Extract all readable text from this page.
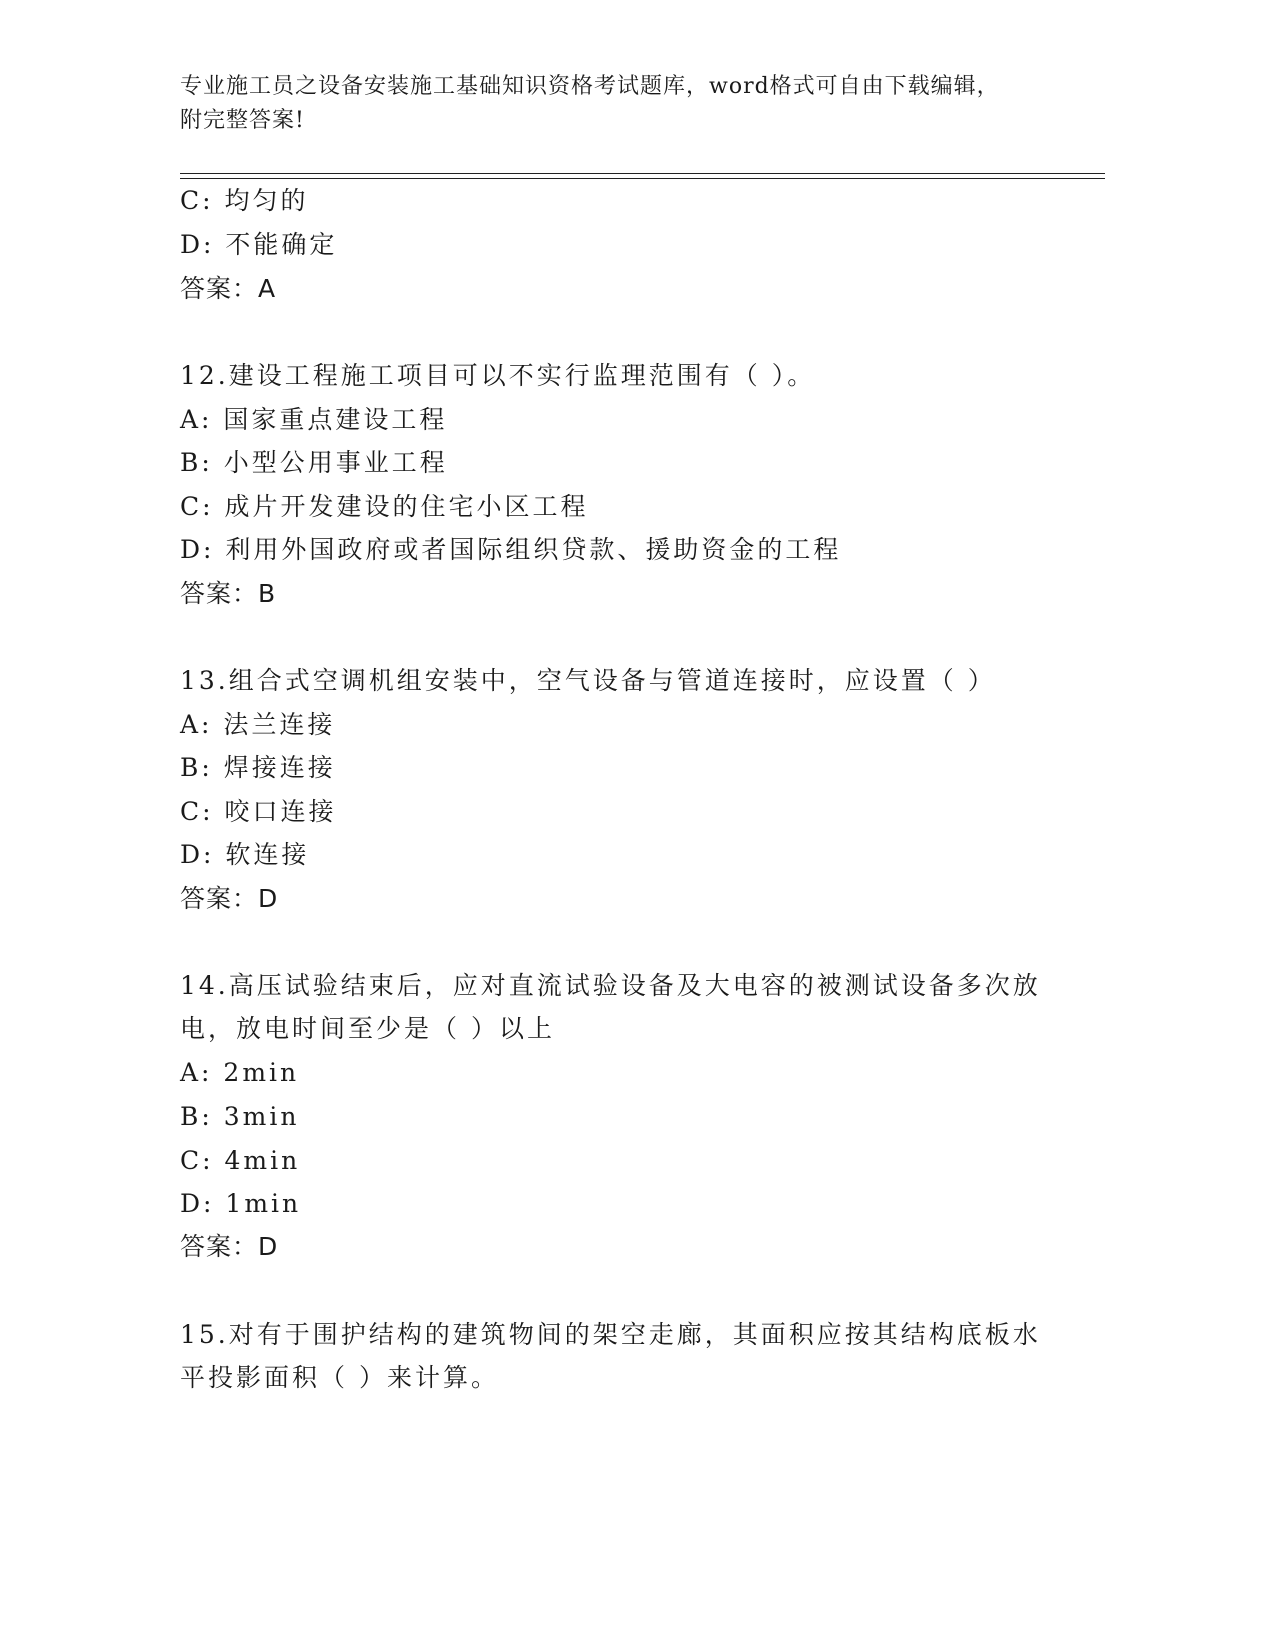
专业施工员之设备安装施工基础知识资格考试题库，word格式可自由下载编辑，
附完整答案!
C: 均匀的
D: 不能确定
答案：A
12.建设工程施工项目可以不实行监理范围有（ ）。
A: 国家重点建设工程
B: 小型公用事业工程
C: 成片开发建设的住宅小区工程
D: 利用外国政府或者国际组织贷款、援助资金的工程
答案：B
13.组合式空调机组安装中，空气设备与管道连接时，应设置（ ）
A: 法兰连接
B: 焊接连接
C: 咬口连接
D: 软连接
答案：D
14.高压试验结束后，应对直流试验设备及大电容的被测试设备多次放
电，放电时间至少是（ ）以上
A: 2min
B: 3min
C: 4min
D: 1min
答案：D
15.对有于围护结构的建筑物间的架空走廊，其面积应按其结构底板水
平投影面积（ ）来计算。
